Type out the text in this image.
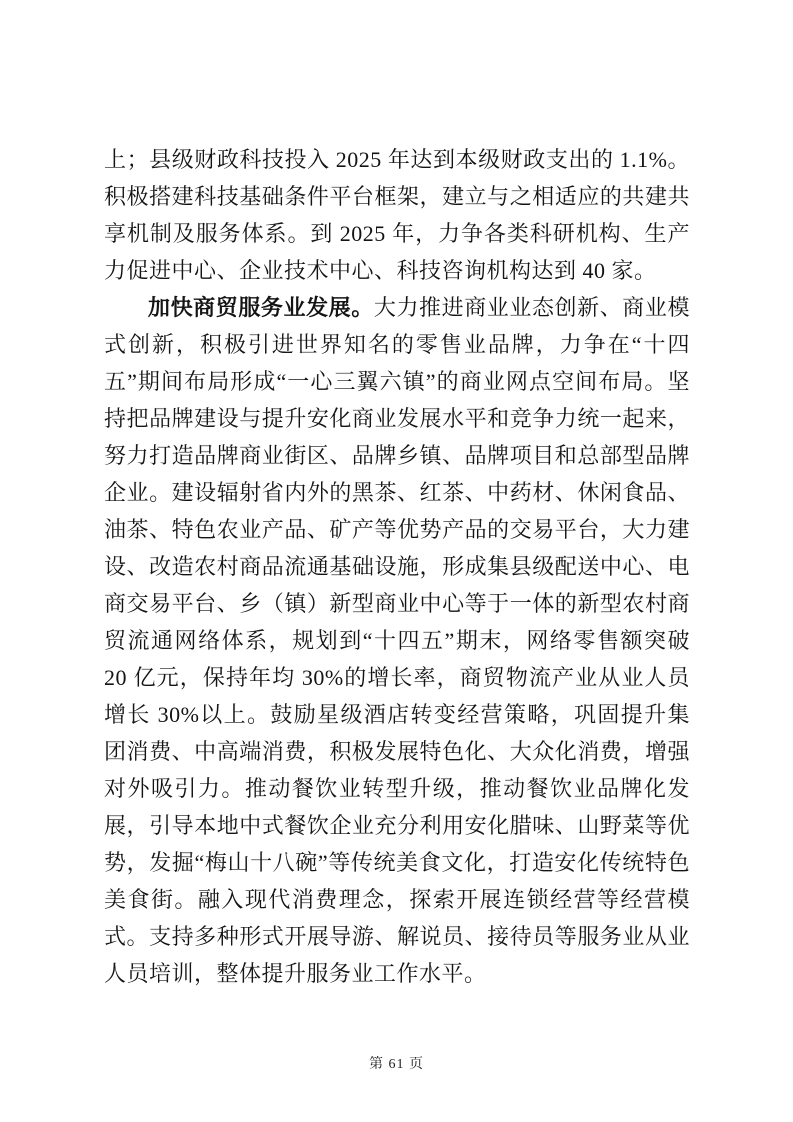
上；县级财政科技投入 2025 年达到本级财政支出的 1.1%。积极搭建科技基础条件平台框架，建立与之相适应的共建共享机制及服务体系。到 2025 年，力争各类科研机构、生产力促进中心、企业技术中心、科技咨询机构达到 40 家。

加快商贸服务业发展。大力推进商业业态创新、商业模式创新，积极引进世界知名的零售业品牌，力争在“十四五”期间布局形成“一心三翼六镇”的商业网点空间布局。坚持把品牌建设与提升安化商业发展水平和竞争力统一起来，努力打造品牌商业街区、品牌乡镇、品牌项目和总部型品牌企业。建设辐射省内外的黑茶、红茶、中药材、休闲食品、油茶、特色农业产品、矿产等优势产品的交易平台，大力建设、改造农村商品流通基础设施，形成集县级配送中心、电商交易平台、乡（镇）新型商业中心等于一体的新型农村商贸流通网络体系，规划到“十四五”期末，网络零售额突破 20 亿元，保持年均 30%的增长率，商贸物流产业从业人员增长 30%以上。鼓励星级酒店转变经营策略，巩固提升集团消费、中高端消费，积极发展特色化、大众化消费，增强对外吸引力。推动餐饮业转型升级，推动餐饮业品牌化发展，引导本地中式餐饮企业充分利用安化腊味、山野菜等优势，发掘“梅山十八碗”等传统美食文化，打造安化传统特色美食街。融入现代消费理念，探索开展连锁经营等经营模式。支持多种形式开展导游、解说员、接待员等服务业从业人员培训，整体提升服务业工作水平。

第 61 页
